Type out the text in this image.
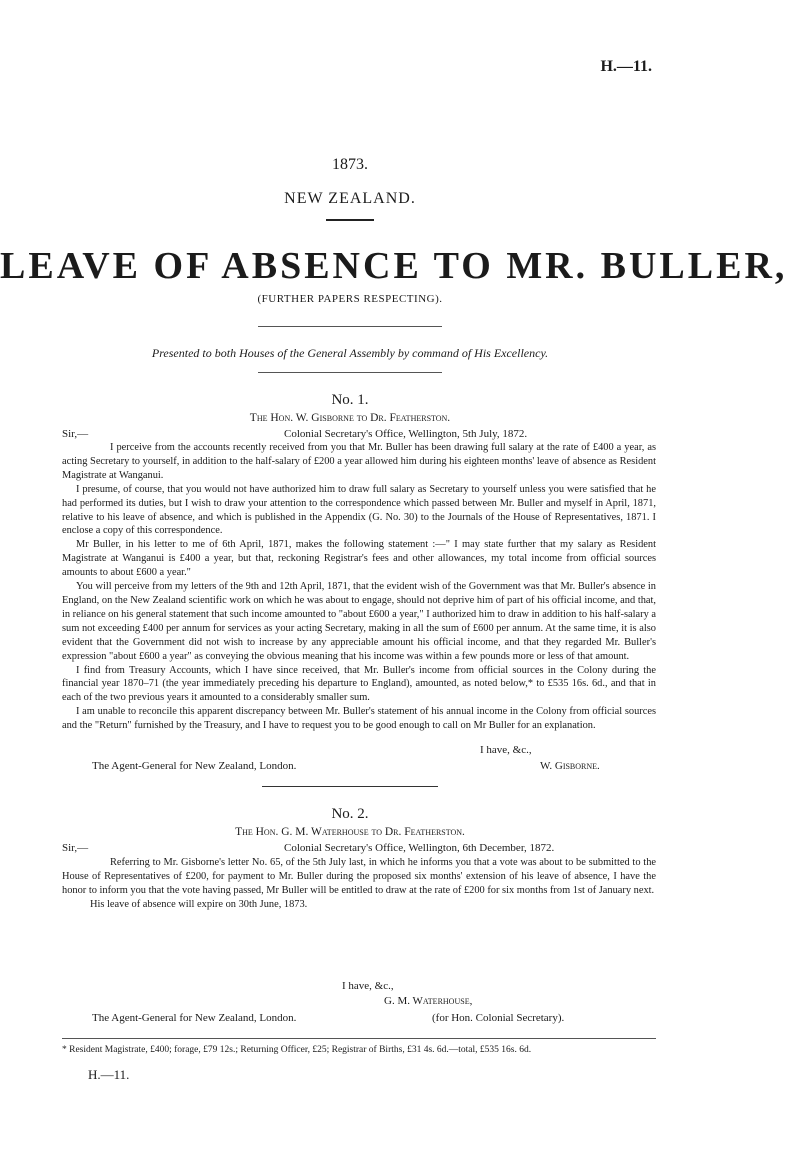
H.—11.
1873.
NEW ZEALAND.
LEAVE OF ABSENCE TO MR. BULLER,
(FURTHER PAPERS RESPECTING).
Presented to both Houses of the General Assembly by command of His Excellency.
No. 1.
The Hon. W. Gisborne to Dr. Featherston.
Sir,—	Colonial Secretary's Office, Wellington, 5th July, 1872.

I perceive from the accounts recently received from you that Mr. Buller has been drawing full salary at the rate of £400 a year, as acting Secretary to yourself, in addition to the half-salary of £200 a year allowed him during his eighteen months' leave of absence as Resident Magistrate at Wanganui.

I presume, of course, that you would not have authorized him to draw full salary as Secretary to yourself unless you were satisfied that he had performed its duties, but I wish to draw your attention to the correspondence which passed between Mr. Buller and myself in April, 1871, relative to his leave of absence, and which is published in the Appendix (G. No. 30) to the Journals of the House of Representatives, 1871. I enclose a copy of this correspondence.

Mr Buller, in his letter to me of 6th April, 1871, makes the following statement :—" I may state further that my salary as Resident Magistrate at Wanganui is £400 a year, but that, reckoning Registrar's fees and other allowances, my total income from official sources amounts to about £600 a year."

You will perceive from my letters of the 9th and 12th April, 1871, that the evident wish of the Government was that Mr. Buller's absence in England, on the New Zealand scientific work on which he was about to engage, should not deprive him of part of his official income, and that, in reliance on his general statement that such income amounted to "about £600 a year," I authorized him to draw in addition to his half-salary a sum not exceeding £400 per annum for services as your acting Secretary, making in all the sum of £600 per annum. At the same time, it is also evident that the Government did not wish to increase by any appreciable amount his official income, and that they regarded Mr. Buller's expression "about £600 a year" as conveying the obvious meaning that his income was within a few pounds more or less of that amount.

I find from Treasury Accounts, which I have since received, that Mr. Buller's income from official sources in the Colony during the financial year 1870–71 (the year immediately preceding his departure to England), amounted, as noted below,* to £535 16s. 6d., and that in each of the two previous years it amounted to a considerably smaller sum.

I am unable to reconcile this apparent discrepancy between Mr. Buller's statement of his annual income in the Colony from official sources and the "Return" furnished by the Treasury, and I have to request you to be good enough to call on Mr Buller for an explanation.

I have, &c.,
The Agent-General for New Zealand, London.	W. Gisborne.
No. 2.
The Hon. G. M. Waterhouse to Dr. Featherston.
Sir,—	Colonial Secretary's Office, Wellington, 6th December, 1872.

Referring to Mr. Gisborne's letter No. 65, of the 5th July last, in which he informs you that a vote was about to be submitted to the House of Representatives of £200, for payment to Mr. Buller during the proposed six months' extension of his leave of absence, I have the honor to inform you that the vote having passed, Mr Buller will be entitled to draw at the rate of £200 for six months from 1st of January next.

His leave of absence will expire on 30th June, 1873.

I have, &c.,
G. M. Waterhouse,
The Agent-General for New Zealand, London.	(for Hon. Colonial Secretary).
* Resident Magistrate, £400; forage, £79 12s.; Returning Officer, £25; Registrar of Births, £31 4s. 6d.—total, £535 16s. 6d.
H.—11.
